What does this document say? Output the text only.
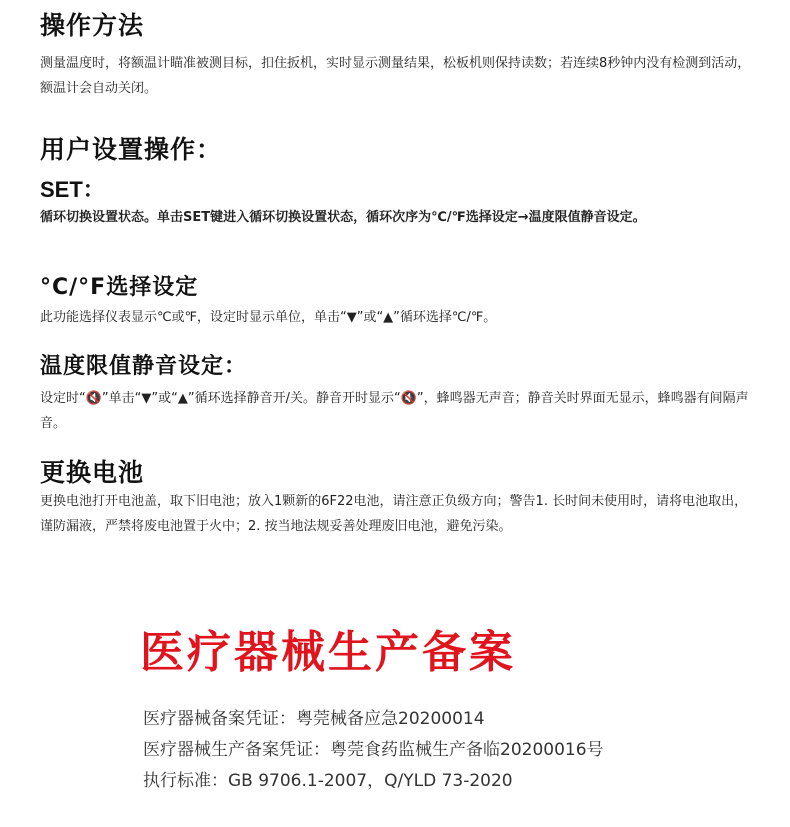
操作方法

测量温度时，将额温计瞄准被测目标，扣住扳机，实时显示测量结果，松板机则保持读数；若连续8秒钟内没有检测到活动，额温计会自动关闭。

用户设置操作：
SET：

循环切换设置状态。单击SET键进入循环切换设置状态，循环次序为℃/℉选择设定→温度限值静音设定。

°C/°F选择设定

此功能选择仪表显示℃或℉，设定时显示单位，单击“▼”或“▲”循环选择℃/℉。

温度限值静音设定：

设定时“🔇”单击“▼”或“▲”循环选择静音开/关。静音开时显示“🔇”，蜂鸣器无声音；静音关时界面无显示，蜂鸣器有间隔声音。

更换电池

更换电池打开电池盖，取下旧电池；放入1颗新的6F22电池，请注意正负级方向；警告1. 长时间未使用时，请将电池取出，谨防漏液，严禁将废电池置于火中；2. 按当地法规妥善处理废旧电池，避免污染。

医疗器械生产备案

医疗器械备案凭证：粤莞械备应急20200014

医疗器械生产备案凭证：粤莞食药监械生产备临20200016号

执行标准：GB 9706.1-2007，Q/YLD 73-2020
